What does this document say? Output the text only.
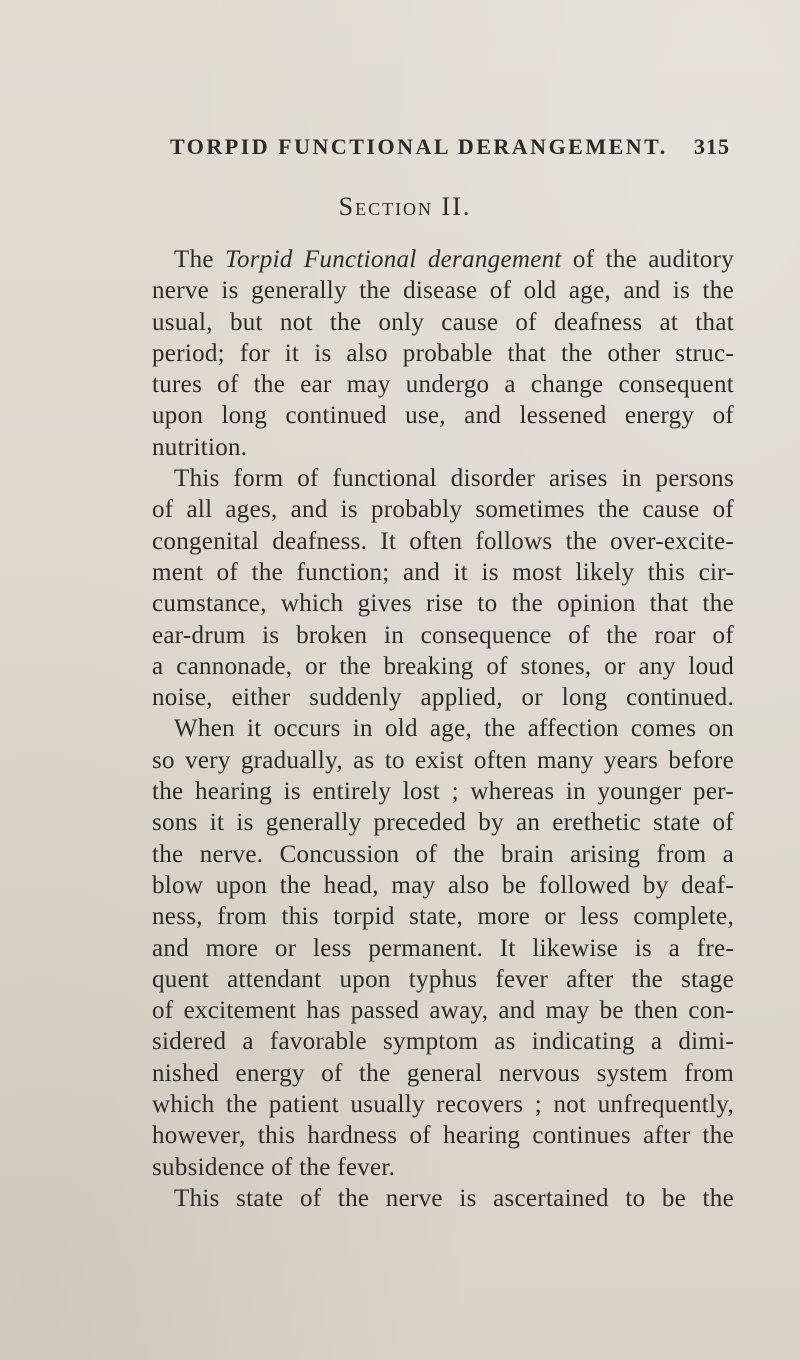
TORPID FUNCTIONAL DERANGEMENT. 315
Section II.
The Torpid Functional derangement of the auditory
nerve is generally the disease of old age, and is the
usual, but not the only cause of deafness at that
period; for it is also probable that the other struc-
tures of the ear may undergo a change consequent
upon long continued use, and lessened energy of
nutrition.
This form of functional disorder arises in persons
of all ages, and is probably sometimes the cause of
congenital deafness. It often follows the over-excite-
ment of the function; and it is most likely this cir-
cumstance, which gives rise to the opinion that the
ear-drum is broken in consequence of the roar of
a cannonade, or the breaking of stones, or any loud
noise, either suddenly applied, or long continued.
When it occurs in old age, the affection comes on
so very gradually, as to exist often many years before
the hearing is entirely lost ; whereas in younger per-
sons it is generally preceded by an erethetic state of
the nerve. Concussion of the brain arising from a
blow upon the head, may also be followed by deaf-
ness, from this torpid state, more or less complete,
and more or less permanent. It likewise is a fre-
quent attendant upon typhus fever after the stage
of excitement has passed away, and may be then con-
sidered a favorable symptom as indicating a dimi-
nished energy of the general nervous system from
which the patient usually recovers ; not unfrequently,
however, this hardness of hearing continues after the
subsidence of the fever.
This state of the nerve is ascertained to be the
